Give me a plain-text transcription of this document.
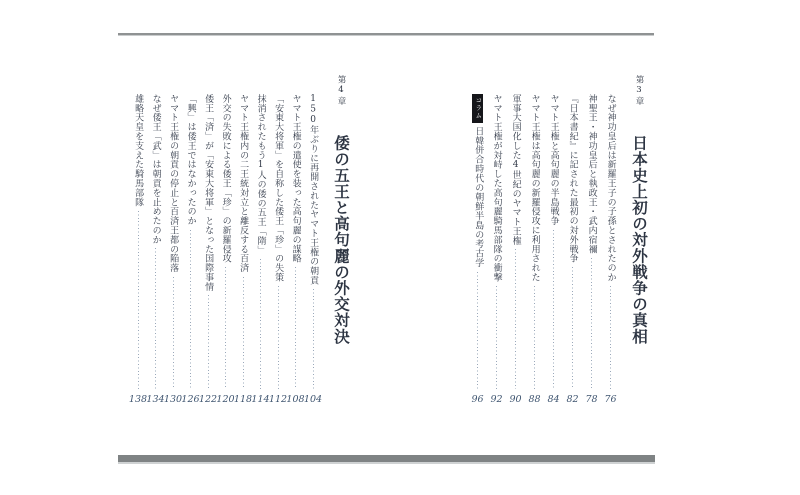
第3章 日本史上初の対外戦争の真相
なぜ神功皇后は新羅王子の子孫とされたのか
76
神聖王・神功皇后と執政王・武内宿禰
78
『日本書紀』に記された最初の対外戦争
82
ヤマト王権と高句麗の半島戦争
84
ヤマト王権は高句麗の新羅侵攻に利用された
88
軍事大国化した4世紀のヤマト王権
90
ヤマト王権が対峙した高句麗騎馬部隊の衝撃
92
コラム日韓併合時代の朝鮮半島の考古学
96
第4章 倭の五王と高句麗の外交対決
150年ぶりに再開されたヤマト王権の朝貢
104
ヤマト王権の遣使を装った高句麗の謀略
108
「安東大将軍」を自称した倭王「珍」の失策
112
抹消されたもう1人の倭の五王「隋」
114
ヤマト王権内の二王統対立と離反する百済
118
外交の失敗による倭王「珍」の新羅侵攻
120
倭王「済」が「安東大将軍」となった国際事情
122
「興」は倭王ではなかったのか
126
ヤマト王権の朝貢の停止と百済王都の陥落
130
なぜ倭王「武」は朝貢を止めたのか
134
雄略天皇を支えた騎馬部隊
138
